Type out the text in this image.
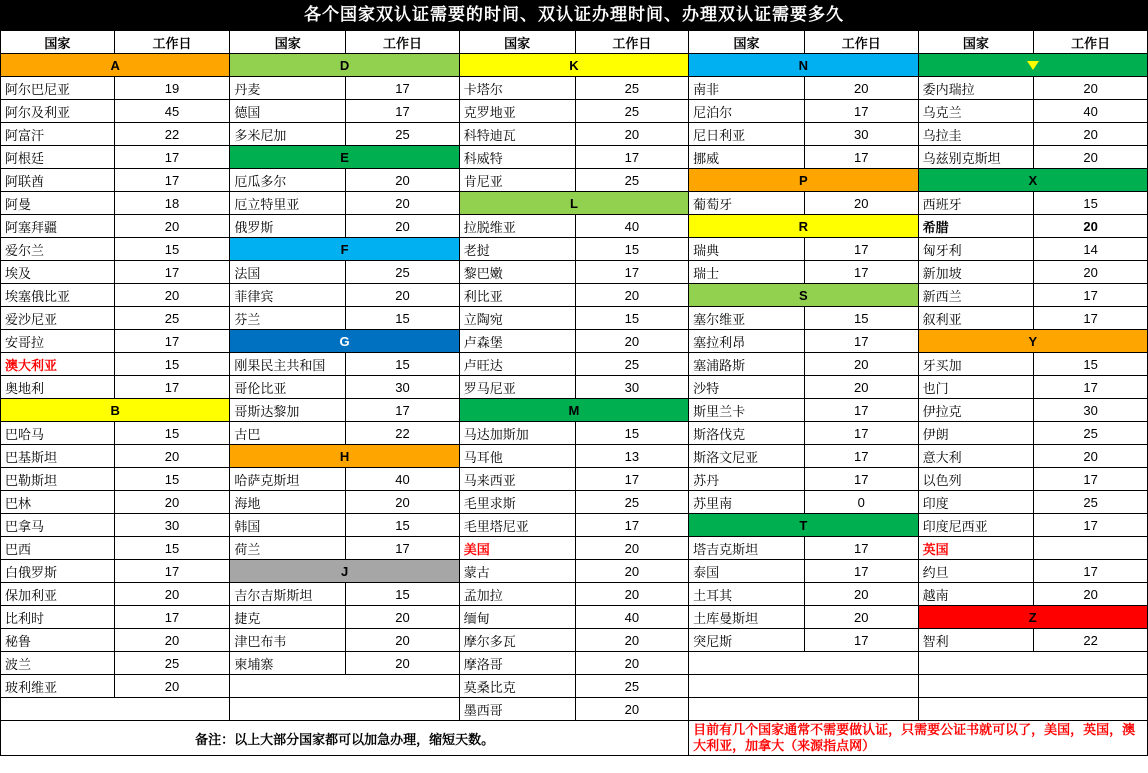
各个国家双认证需要的时间、双认证办理时间、办理双认证需要多久
国家	工作日	国家	工作日	国家	工作日	国家	工作日	国家	工作日
A		D		K		N			
阿尔巴尼亚	19	丹麦	17	卡塔尔	25	南非	20	委内瑞拉	20
阿尔及利亚	45	德国	17	克罗地亚	25	尼泊尔	17	乌克兰	40
阿富汗	22	多米尼加	25	科特迪瓦	20	尼日利亚	30	乌拉圭	20
阿根廷	17	E		科威特	17	挪威	17	乌兹别克斯坦	20
阿联酋	17	厄瓜多尔	20	肯尼亚	25	P		X	
阿曼	18	厄立特里亚	20	L		葡萄牙	20	西班牙	15
阿塞拜疆	20	俄罗斯	20	拉脱维亚	40	R		希腊	20
爱尔兰	15	F		老挝	15	瑞典	17	匈牙利	14
埃及	17	法国	25	黎巴嫩	17	瑞士	17	新加坡	20
埃塞俄比亚	20	菲律宾	20	利比亚	20	S		新西兰	17
爱沙尼亚	25	芬兰	15	立陶宛	15	塞尔维亚	15	叙利亚	17
安哥拉	17	G		卢森堡	20	塞拉利昂	17	Y	
澳大利亚	15	刚果民主共和国	15	卢旺达	25	塞浦路斯	20	牙买加	15
奥地利	17	哥伦比亚	30	罗马尼亚	30	沙特	20	也门	17
B		哥斯达黎加	17	M		斯里兰卡	17	伊拉克	30
巴哈马	15	古巴	22	马达加斯加	15	斯洛伐克	17	伊朗	25
巴基斯坦	20	H		马耳他	13	斯洛文尼亚	17	意大利	20
巴勒斯坦	15	哈萨克斯坦	40	马来西亚	17	苏丹	17	以色列	17
巴林	20	海地	20	毛里求斯	25	苏里南	0	印度	25
巴拿马	30	韩国	15	毛里塔尼亚	17	T		印度尼西亚	17
巴西	15	荷兰	17	美国	20	塔吉克斯坦	17	英国	
白俄罗斯	17	J		蒙古	20	泰国	17	约旦	17
保加利亚	20	吉尔吉斯斯坦	15	孟加拉	20	土耳其	20	越南	20
比利时	17	捷克	20	缅甸	40	土库曼斯坦	20	Z	
秘鲁	20	津巴布韦	20	摩尔多瓦	20	突尼斯	17	智利	22
波兰	25	柬埔寨	20	摩洛哥	20				
玻利维亚	20			莫桑比克	25				
				墨西哥	20				
备注：以上大部分国家都可以加急办理，缩短天数。						目前有几个国家通常不需要做认证，只需要公证书就可以了，美国，英国，澳大利亚，加拿大（来源指点网）			
